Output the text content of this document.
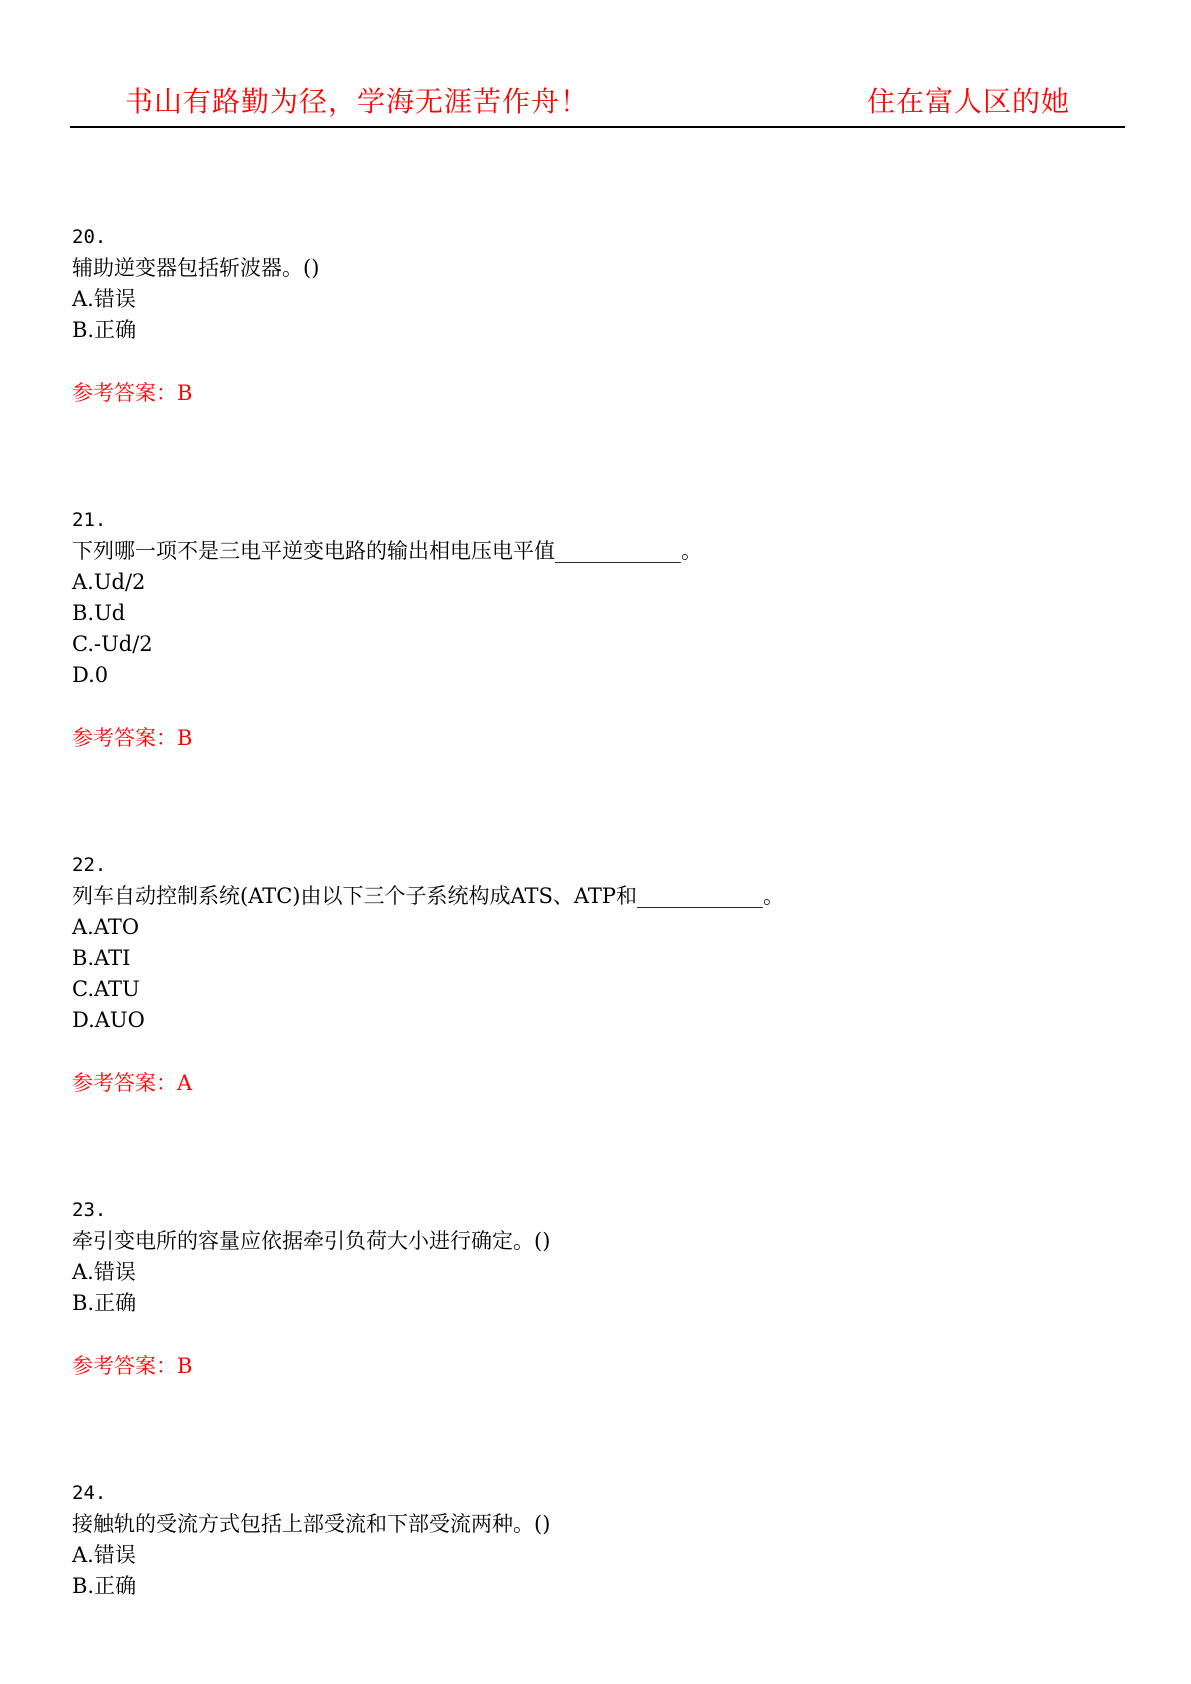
书山有路勤为径，学海无涯苦作舟！	住在富人区的她
20.
辅助逆变器包括斩波器。()
A.错误
B.正确
参考答案：B
21.
下列哪一项不是三电平逆变电路的输出相电压电平值____________。
A.Ud/2
B.Ud
C.-Ud/2
D.0
参考答案：B
22.
列车自动控制系统(ATC)由以下三个子系统构成ATS、ATP和____________。
A.ATO
B.ATI
C.ATU
D.AUO
参考答案：A
23.
牵引变电所的容量应依据牵引负荷大小进行确定。()
A.错误
B.正确
参考答案：B
24.
接触轨的受流方式包括上部受流和下部受流两种。()
A.错误
B.正确
